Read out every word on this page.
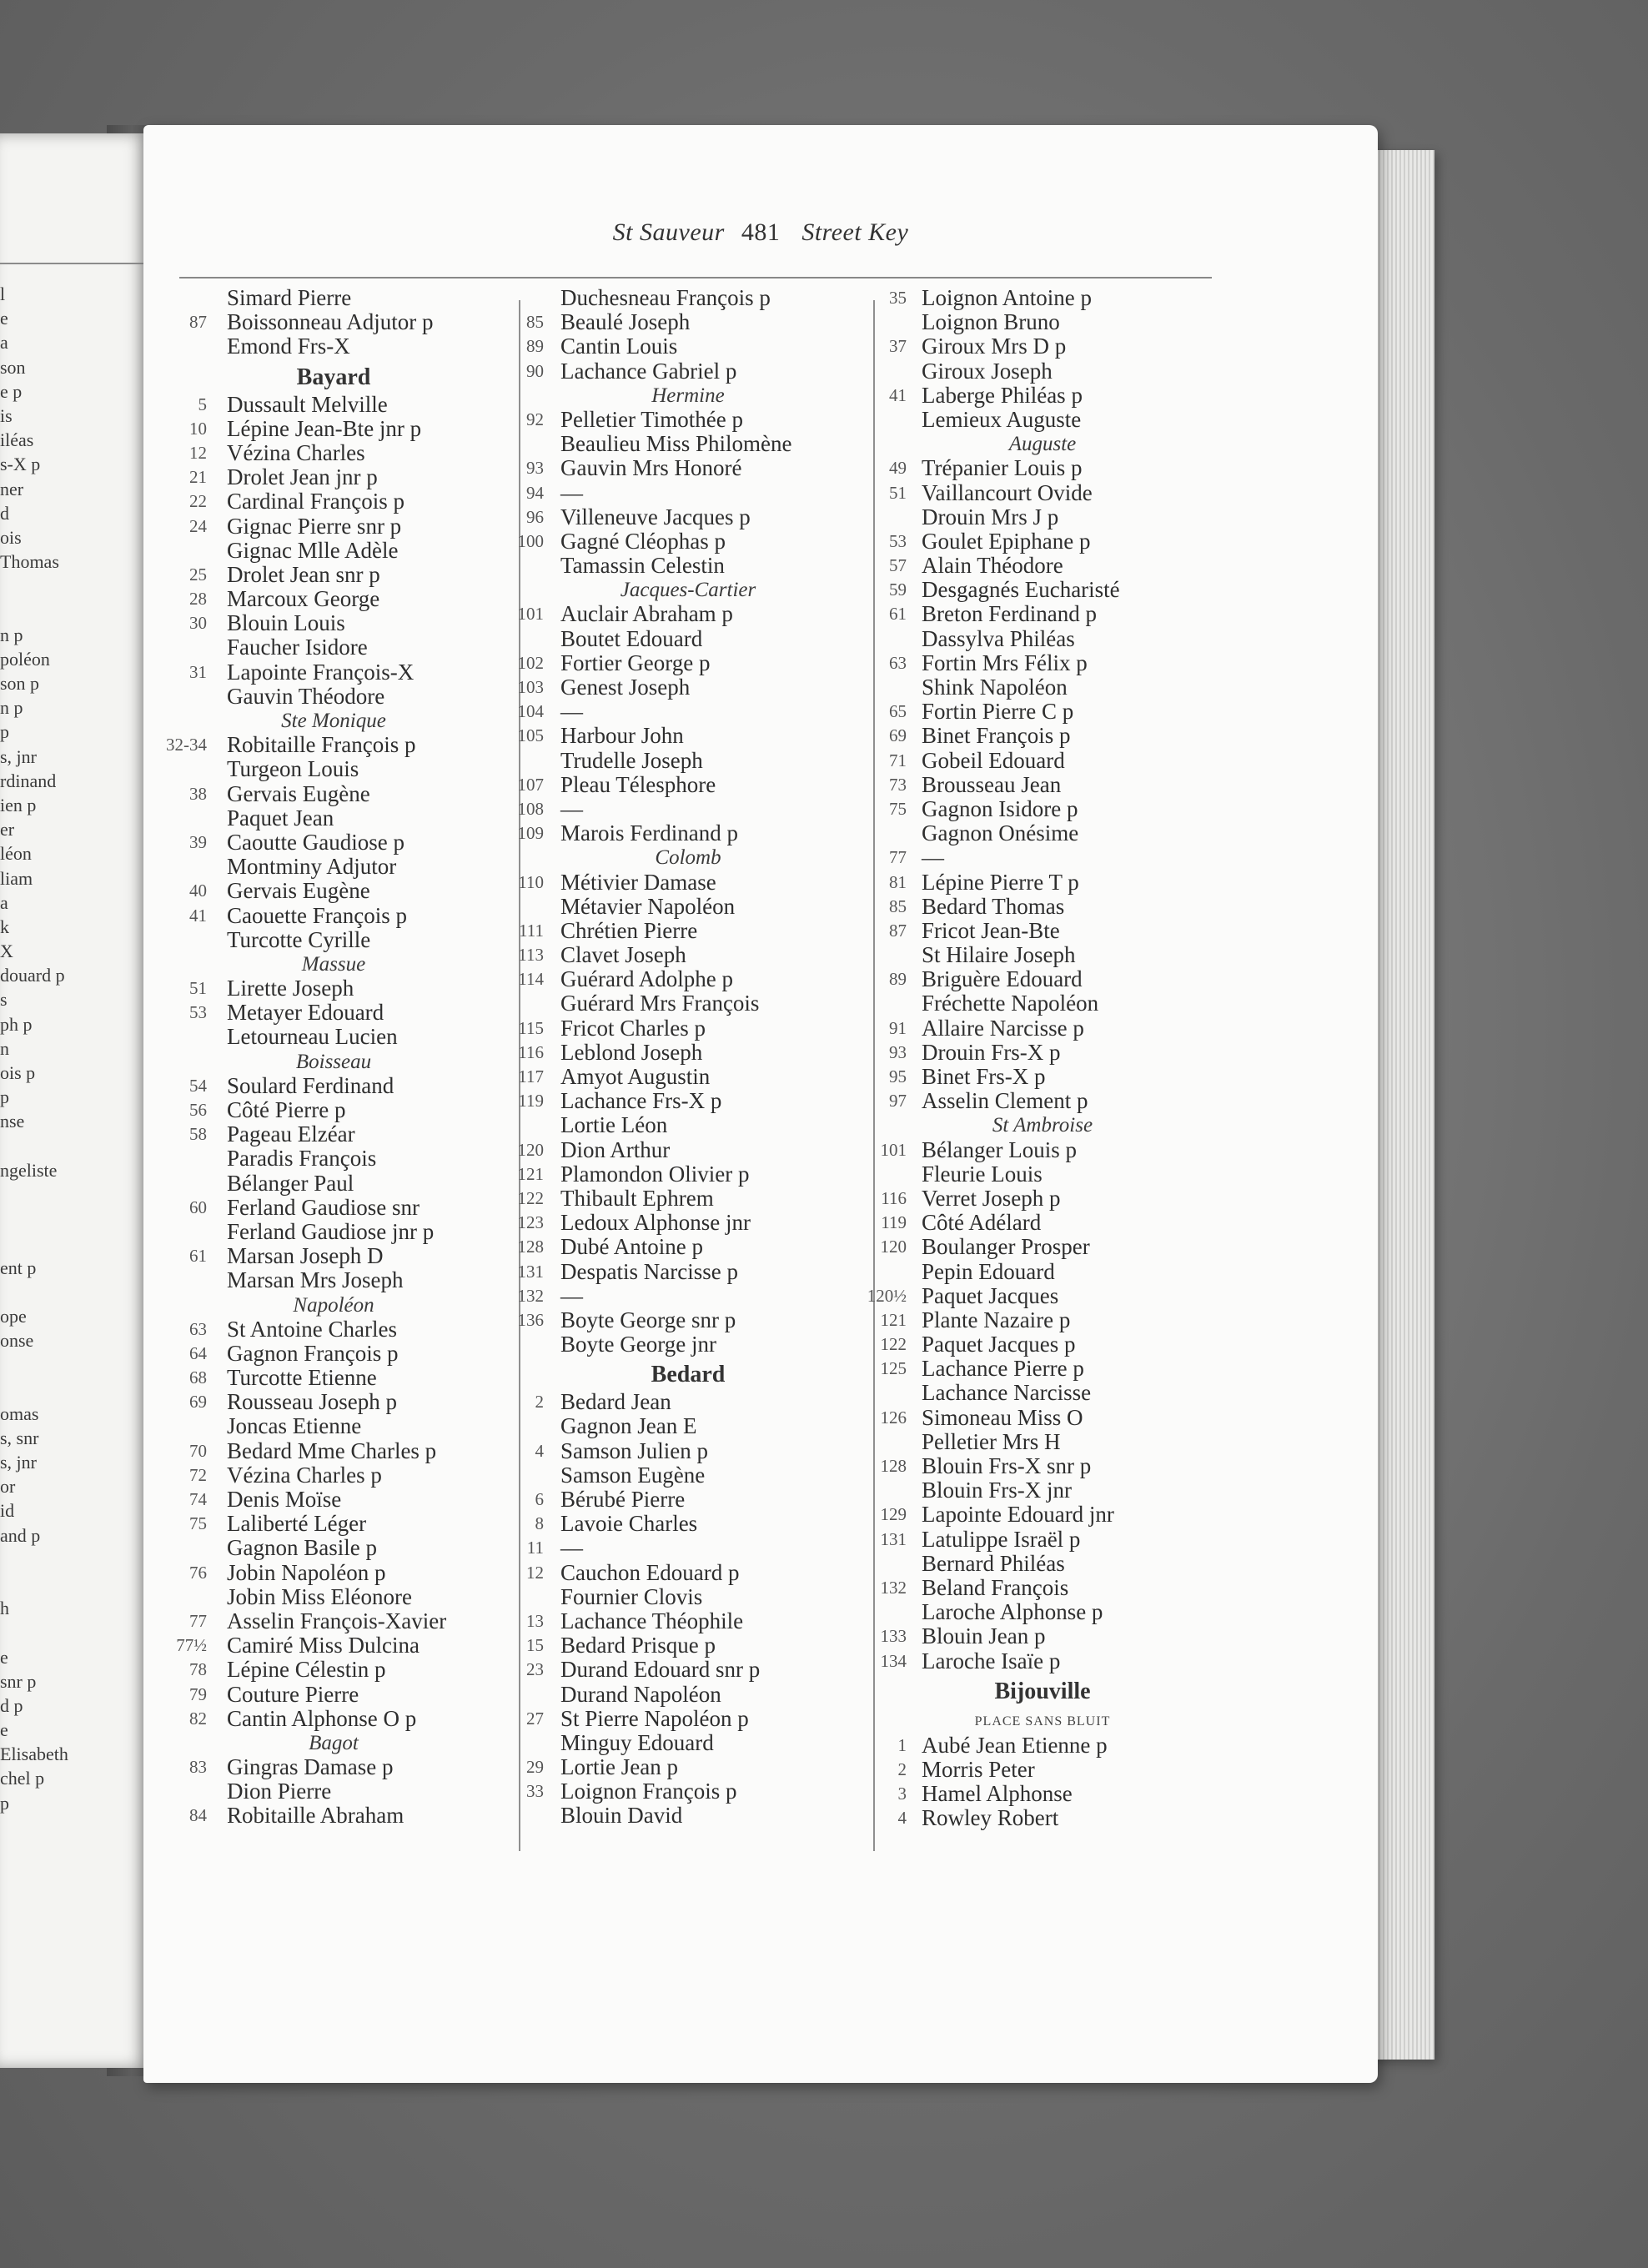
l
e
a
son
e p
is
iléas
s-X p
ner
d
ois
Thomas
n p
poléon
son p
n p
p
s, jnr
rdinand
ien p
er
léon
liam
a
k
X
douard p
s
ph p
n
ois p
p
nse
ngeliste
ent p
ope
onse
omas
s, snr
s, jnr
or
id
and p
h
e
snr p
d p
e
Elisabeth
chel p
p
St Sauveur 481 Street Key
Simard Pierre
87 Boissonneau Adjutor p
Emond Frs-X
Bayard
5 Dussault Melville
10 Lépine Jean-Bte jnr p
12 Vézina Charles
21 Drolet Jean jnr p
22 Cardinal François p
24 Gignac Pierre snr p
Gignac Mlle Adèle
25 Drolet Jean snr p
28 Marcoux George
30 Blouin Louis
Faucher Isidore
31 Lapointe François-X
Gauvin Théodore
Ste Monique
32-34 Robitaille François p
Turgeon Louis
38 Gervais Eugène
Paquet Jean
39 Caoutte Gaudiose p
Montminy Adjutor
40 Gervais Eugène
41 Caouette François p
Turcotte Cyrille
Massue
51 Lirette Joseph
53 Metayer Edouard
Letourneau Lucien
Boisseau
54 Soulard Ferdinand
56 Côté Pierre p
58 Pageau Elzéar
Paradis François
Bélanger Paul
60 Ferland Gaudiose snr
Ferland Gaudiose jnr p
61 Marsan Joseph D
Marsan Mrs Joseph
Napoléon
63 St Antoine Charles
64 Gagnon François p
68 Turcotte Etienne
69 Rousseau Joseph p
Joncas Etienne
70 Bedard Mme Charles p
72 Vézina Charles p
74 Denis Moïse
75 Laliberté Léger
Gagnon Basile p
76 Jobin Napoléon p
Jobin Miss Eléonore
77 Asselin François-Xavier
77½ Camiré Miss Dulcina
78 Lépine Célestin p
79 Couture Pierre
82 Cantin Alphonse O p
Bagot
83 Gingras Damase p
Dion Pierre
84 Robitaille Abraham
Duchesneau François p
85 Beaulé Joseph
89 Cantin Louis
90 Lachance Gabriel p
Hermine
92 Pelletier Timothée p
Beaulieu Miss Philomène
93 Gauvin Mrs Honoré
94 —
96 Villeneuve Jacques p
100 Gagné Cléophas p
Tamassin Celestin
Jacques-Cartier
101 Auclair Abraham p
Boutet Edouard
102 Fortier George p
103 Genest Joseph
104 —
105 Harbour John
Trudelle Joseph
107 Pleau Télesphore
108 —
109 Marois Ferdinand p
Colomb
110 Métivier Damase
Métavier Napoléon
111 Chrétien Pierre
113 Clavet Joseph
114 Guérard Adolphe p
Guérard Mrs François
115 Fricot Charles p
116 Leblond Joseph
117 Amyot Augustin
119 Lachance Frs-X p
Lortie Léon
120 Dion Arthur
121 Plamondon Olivier p
122 Thibault Ephrem
123 Ledoux Alphonse jnr
128 Dubé Antoine p
131 Despatis Narcisse p
132 —
136 Boyte George snr p
Boyte George jnr
Bedard
2 Bedard Jean
Gagnon Jean E
4 Samson Julien p
Samson Eugène
6 Bérubé Pierre
8 Lavoie Charles
11 —
12 Cauchon Edouard p
Fournier Clovis
13 Lachance Théophile
15 Bedard Prisque p
23 Durand Edouard snr p
Durand Napoléon
27 St Pierre Napoléon p
Minguy Edouard
29 Lortie Jean p
33 Loignon François p
Blouin David
35 Loignon Antoine p
Loignon Bruno
37 Giroux Mrs D p
Giroux Joseph
41 Laberge Philéas p
Lemieux Auguste
Auguste
49 Trépanier Louis p
51 Vaillancourt Ovide
Drouin Mrs J p
53 Goulet Epiphane p
57 Alain Théodore
59 Desgagnés Eucharisté
61 Breton Ferdinand p
Dassylva Philéas
63 Fortin Mrs Félix p
Shink Napoléon
65 Fortin Pierre C p
69 Binet François p
71 Gobeil Edouard
73 Brousseau Jean
75 Gagnon Isidore p
Gagnon Onésime
77 —
81 Lépine Pierre T p
85 Bedard Thomas
87 Fricot Jean-Bte
St Hilaire Joseph
89 Briguère Edouard
Fréchette Napoléon
91 Allaire Narcisse p
93 Drouin Frs-X p
95 Binet Frs-X p
97 Asselin Clement p
St Ambroise
101 Bélanger Louis p
Fleurie Louis
116 Verret Joseph p
119 Côté Adélard
120 Boulanger Prosper
Pepin Edouard
120½ Paquet Jacques
121 Plante Nazaire p
122 Paquet Jacques p
125 Lachance Pierre p
Lachance Narcisse
126 Simoneau Miss O
Pelletier Mrs H
128 Blouin Frs-X snr p
Blouin Frs-X jnr
129 Lapointe Edouard jnr
131 Latulippe Israël p
Bernard Philéas
132 Beland François
Laroche Alphonse p
133 Blouin Jean p
134 Laroche Isaïe p
Bijouville
PLACE SANS BLUIT
1 Aubé Jean Etienne p
2 Morris Peter
3 Hamel Alphonse
4 Rowley Robert
